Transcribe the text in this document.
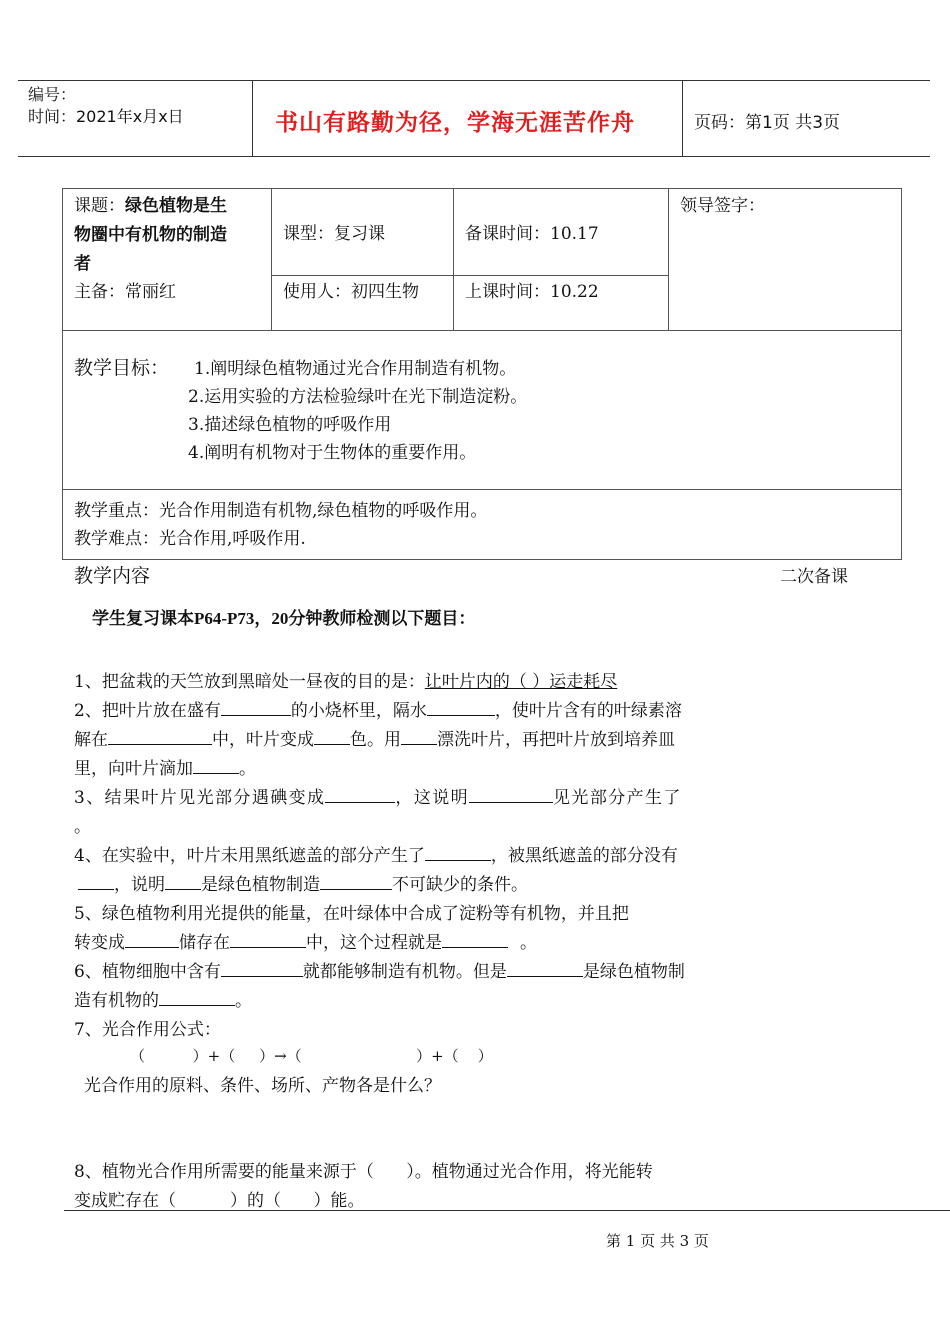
编号：
时间：2021年x月x日	书山有路勤为径，学海无涯苦作舟	页码：第1页 共3页
课题：绿色植物是生
物圈中有机物的制造
者
课型：复习课	备课时间：10.17
领导签字：
主备：常丽红	使用人：初四生物	上课时间：10.22
教学目标： 1.阐明绿色植物通过光合作用制造有机物。
2.运用实验的方法检验绿叶在光下制造淀粉。
3.描述绿色植物的呼吸作用
4.阐明有机物对于生物体的重要作用。
教学重点：光合作用制造有机物,绿色植物的呼吸作用。
教学难点：光合作用,呼吸作用.
教学内容	二次备课
学生复习课本P64-P73，20分钟教师检测以下题目：
1、把盆栽的天竺放到黑暗处一昼夜的目的是：让叶片内的（ ）运走耗尽
2、把叶片放在盛有	的小烧杯里，隔水	，使叶片含有的叶绿素溶
解在	中，叶片变成 色。用 漂洗叶片，再把叶片放到培养皿
里，向叶片滴加	。
3、结果叶片见光部分遇碘变成	，这说明	见光部分产生了
。
4、在实验中，叶片未用黑纸遮盖的部分产生了	，被黑纸遮盖的部分没有
，说明 是绿色植物制造	不可缺少的条件。
5、绿色植物利用光提供的能量，在叶绿体中合成了淀粉等有机物，并且把
转变成	储存在	中，这个过程就是	。
6、植物细胞中含有	就都能够制造有机物。但是	是绿色植物制
造有机物的	。
7、光合作用公式：
（          ）+（     ）→（                        ）+（    ）
光合作用的原料、条件、场所、产物各是什么？
8、植物光合作用所需要的能量来源于（      ）。植物通过光合作用，将光能转
变成贮存在（          ）的（      ）能。
第 1 页 共 3 页
